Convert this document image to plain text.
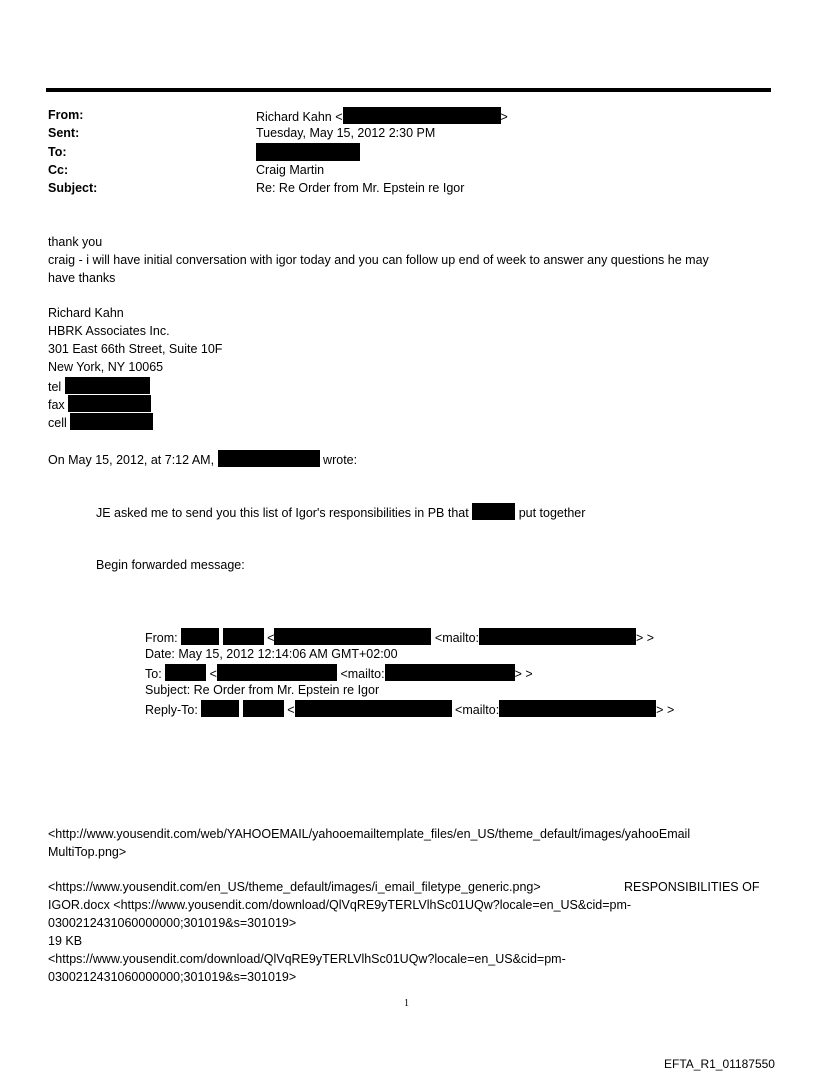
From:	Richard Kahn <	>
Sent:	Tuesday, May 15, 2012 2:30 PM
To:
Cc:	Craig Martin
Subject:	Re: Re Order from Mr. Epstein re Igor
thank you
craig - i will have initial conversation with igor today and you can follow up end of week to answer any questions he may
have thanks
Richard Kahn
HBRK Associates Inc.
301 East 66th Street, Suite 10F
New York, NY 10065
tel
fax
cell
On May 15, 2012, at 7:12 AM,	wrote:
JE asked me to send you this list of Igor's responsibilities in PB that	put together
Begin forwarded message:
From:	<	<mailto:	> >
Date: May 15, 2012 12:14:06 AM GMT+02:00
To:	<	<mailto:	> >
Subject: Re Order from Mr. Epstein re Igor
Reply-To:	<	<mailto:	> >
<http://www.yousendit.com/web/YAHOOEMAIL/yahooemailtemplate_files/en_US/theme_default/images/yahooEmail
MultiTop.png>
<https://www.yousendit.com/en_US/theme_default/images/i_email_filetype_generic.png>	RESPONSIBILITIES OF
IGOR.docx <https://www.yousendit.com/download/QlVqRE9yTERLVlhSc01UQw?locale=en_US&cid=pm-
0300212431060000000;301019&s=301019>
19 KB
<https://www.yousendit.com/download/QlVqRE9yTERLVlhSc01UQw?locale=en_US&cid=pm-
0300212431060000000;301019&s=301019>
1
EFTA_R1_01187550
